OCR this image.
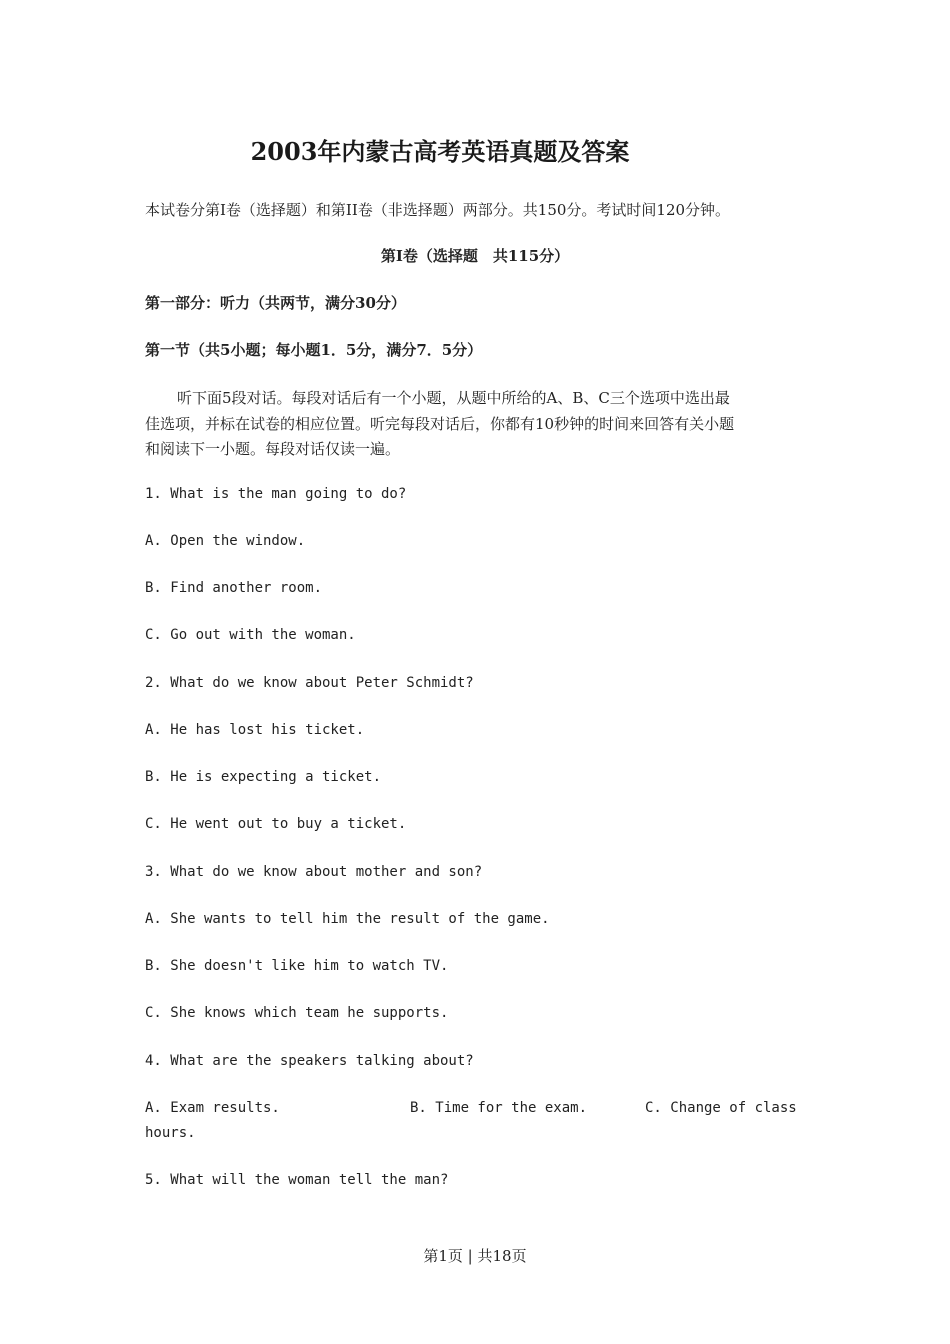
2003年内蒙古高考英语真题及答案
本试卷分第Ⅰ卷（选择题）和第II卷（非选择题）两部分。共150分。考试时间120分钟。
第Ⅰ卷（选择题　共115分）
第一部分：听力（共两节，满分30分）
第一节（共5小题；每小题1．5分，满分7．5分）
听下面5段对话。每段对话后有一个小题，从题中所给的A、B、C三个选项中选出最
佳选项，并标在试卷的相应位置。听完每段对话后，你都有10秒钟的时间来回答有关小题
和阅读下一小题。每段对话仅读一遍。
1. What is the man going to do?
A. Open the window.
B. Find another room.
C. Go out with the woman.
2. What do we know about Peter Schmidt?
A. He has lost his ticket.
B. He is expecting a ticket.
C. He went out to buy a ticket.
3. What do we know about mother and son?
A. She wants to tell him the result of the game.
B. She doesn't like him to watch TV.
C. She knows which team he supports.
4. What are the speakers talking about?
A. Exam results.	B. Time for the exam.	C. Change of class
hours.
5. What will the woman tell the man?
第1页 | 共18页
